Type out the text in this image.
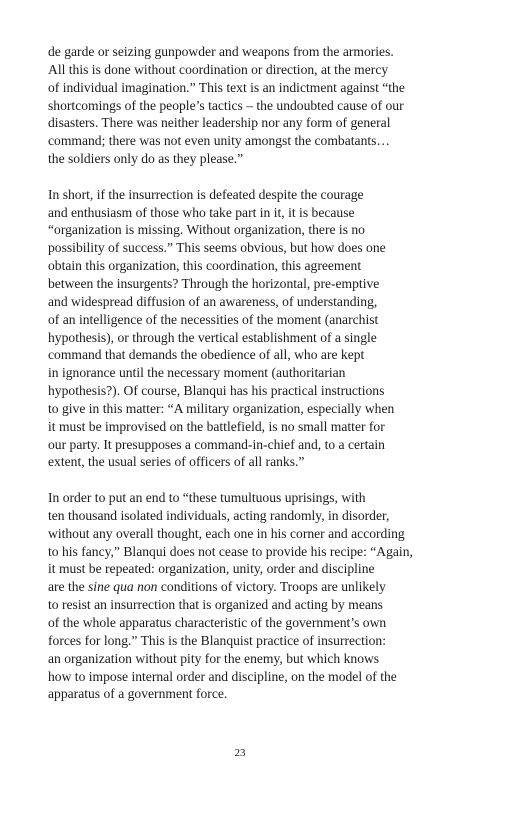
de garde or seizing gunpowder and weapons from the armories.
All this is done without coordination or direction, at the mercy
of individual imagination.” This text is an indictment against “the
shortcomings of the people’s tactics – the undoubted cause of our
disasters. There was neither leadership nor any form of general
command; there was not even unity amongst the combatants…
the soldiers only do as they please.”

In short, if the insurrection is defeated despite the courage
and enthusiasm of those who take part in it, it is because
“organization is missing. Without organization, there is no
possibility of success.” This seems obvious, but how does one
obtain this organization, this coordination, this agreement
between the insurgents? Through the horizontal, pre-emptive
and widespread diffusion of an awareness, of understanding,
of an intelligence of the necessities of the moment (anarchist
hypothesis), or through the vertical establishment of a single
command that demands the obedience of all, who are kept
in ignorance until the necessary moment (authoritarian
hypothesis?). Of course, Blanqui has his practical instructions
to give in this matter: “A military organization, especially when
it must be improvised on the battlefield, is no small matter for
our party. It presupposes a command-in-chief and, to a certain
extent, the usual series of officers of all ranks.”

In order to put an end to “these tumultuous uprisings, with
ten thousand isolated individuals, acting randomly, in disorder,
without any overall thought, each one in his corner and according
to his fancy,” Blanqui does not cease to provide his recipe: “Again,
it must be repeated: organization, unity, order and discipline
are the sine qua non conditions of victory. Troops are unlikely
to resist an insurrection that is organized and acting by means
of the whole apparatus characteristic of the government’s own
forces for long.” This is the Blanquist practice of insurrection:
an organization without pity for the enemy, but which knows
how to impose internal order and discipline, on the model of the
apparatus of a government force.

23
